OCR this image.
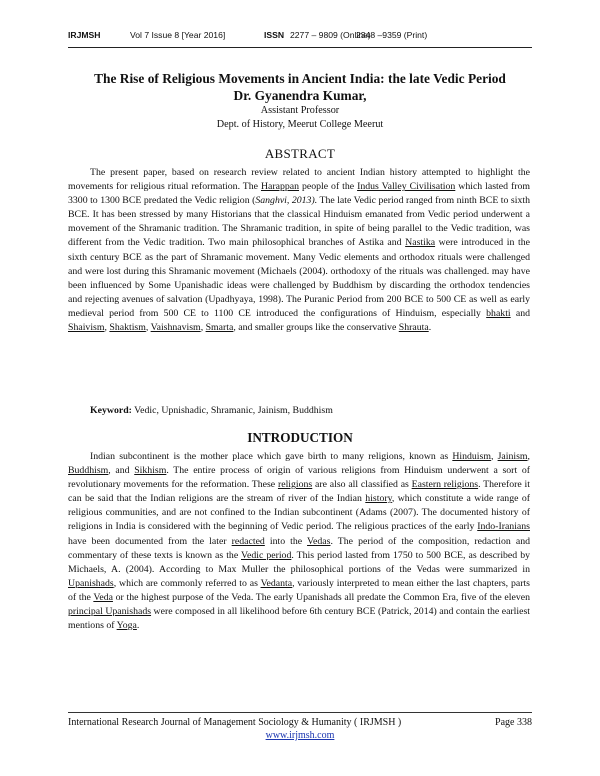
IRJMSH	Vol 7 Issue 8 [Year 2016]	ISSN 2277 – 9809 (Online)
2348 –9359 (Print)
The Rise of Religious Movements in Ancient India: the late Vedic Period
Dr. Gyanendra Kumar,
Assistant Professor
Dept. of History, Meerut College Meerut
ABSTRACT
The present paper, based on research review related to ancient Indian history attempted to highlight the movements for religious ritual reformation. The Harappan people of the Indus Valley Civilisation which lasted from 3300 to 1300 BCE predated the Vedic religion (Sanghvi, 2013). The late Vedic period ranged from ninth BCE to sixth BCE. It has been stressed by many Historians that the classical Hinduism emanated from Vedic period underwent a movement of the Shramanic tradition. The Shramanic tradition, in spite of being parallel to the Vedic tradition, was different from the Vedic tradition. Two main philosophical branches of Astika and Nastika were introduced in the sixth century BCE as the part of Shramanic movement. Many Vedic elements and orthodox rituals were challenged and were lost during this Shramanic movement (Michaels (2004). orthodoxy of the rituals was challenged. may have been influenced by Some Upanishadic ideas were challenged by Buddhism by discarding the orthodox tendencies and rejecting avenues of salvation (Upadhyaya, 1998). The Puranic Period from 200 BCE to 500 CE as well as early medieval period from 500 CE to 1100 CE introduced the configurations of Hinduism, especially bhakti and Shaivism, Shaktism, Vaishnavism, Smarta, and smaller groups like the conservative Shrauta.
Keyword: Vedic, Upnishadic, Shramanic, Jainism, Buddhism
INTRODUCTION
Indian subcontinent is the mother place which gave birth to many religions, known as Hinduism, Jainism, Buddhism, and Sikhism. The entire process of origin of various religions from Hinduism underwent a sort of revolutionary movements for the reformation. These religions are also all classified as Eastern religions. Therefore it can be said that the Indian religions are the stream of river of the Indian history, which constitute a wide range of religious communities, and are not confined to the Indian subcontinent (Adams (2007). The documented history of religions in India is considered with the beginning of Vedic period. The religious practices of the early Indo-Iranians have been documented from the later redacted into the Vedas. The period of the composition, redaction and commentary of these texts is known as the Vedic period. This period lasted from 1750 to 500 BCE, as described by Michaels, A. (2004). According to Max Muller the philosophical portions of the Vedas were summarized in Upanishads, which are commonly referred to as Vedanta, variously interpreted to mean either the last chapters, parts of the Veda or the highest purpose of the Veda. The early Upanishads all predate the Common Era, five of the eleven principal Upanishads were composed in all likelihood before 6th century BCE (Patrick, 2014) and contain the earliest mentions of Yoga.
International Research Journal of Management Sociology & Humanity ( IRJMSH )	Page 338
www.irjmsh.com
